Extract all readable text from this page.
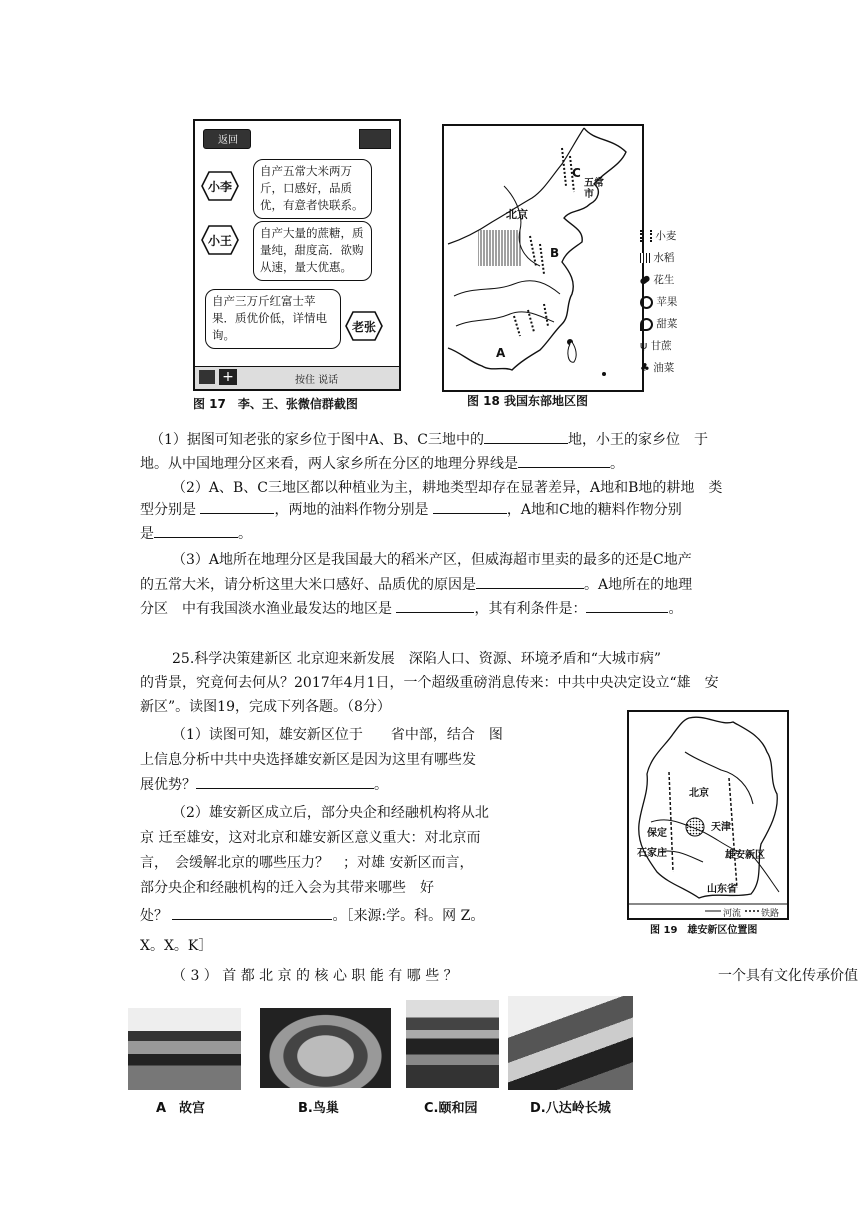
返回
小李
自产五常大米两万斤，口感好，品质优，有意者快联系。
小王
自产大量的蔗糖，质量纯，甜度高．欲购从速，量大优惠。
自产三万斤红富士苹果．质优价低，详情电询。
老张
+	按住 说话
图 17　李、王、张微信群截图
北京
C
五常市
B
A
小麦
水稻
花生
苹果
甜菜
ψ 甘蔗
♣ 油菜
图 18 我国东部地区图
（1）据图可知老张的家乡位于图中A、B、C三地中的	地，小王的家乡位　于
地。从中国地理分区来看，两人家乡所在分区的地理分界线是	。
（2）A、B、C三地区都以种植业为主，耕地类型却存在显著差异，A地和B地的耕地　类
型分别是	，两地的油料作物分别是	，A地和C地的糖料作物分别
是	。
（3）A地所在地理分区是我国最大的稻米产区，但威海超市里卖的最多的还是C地产
的五常大米，请分析这里大米口感好、品质优的原因是	。A地所在的地理
分区　中有我国淡水渔业最发达的地区是	，其有利条件是：	。
25.科学决策建新区 北京迎来新发展　深陷人口、资源、环境矛盾和“大城市病”
的背景，究竟何去何从？2017年4月1日，一个超级重磅消息传来：中共中央决定设立“雄　安
新区”。读图19，完成下列各题。（8分）
（1）读图可知，雄安新区位于　　省中部，结合　图
上信息分析中共中央选择雄安新区是因为这里有哪些发
展优势？	。
（2）雄安新区成立后，部分央企和经融机构将从北
京 迁至雄安，这对北京和雄安新区意义重大：对北京而
言，　会缓解北京的哪些压力？　；对雄 安新区而言，
部分央企和经融机构的迁入会为其带来哪些　好
处？	。［来源:学。科。网 Z。
X。X。K］
（ 3 ） 首 都 北 京 的 核 心 职 能 有 哪 些 ？	一个具有文化传承价值
北京
天津
保定
石家庄	雄安新区
山东省
河流 铁路
图 19　雄安新区位置图
A　故宫	B.鸟巢	C.颐和园	D.八达岭长城
